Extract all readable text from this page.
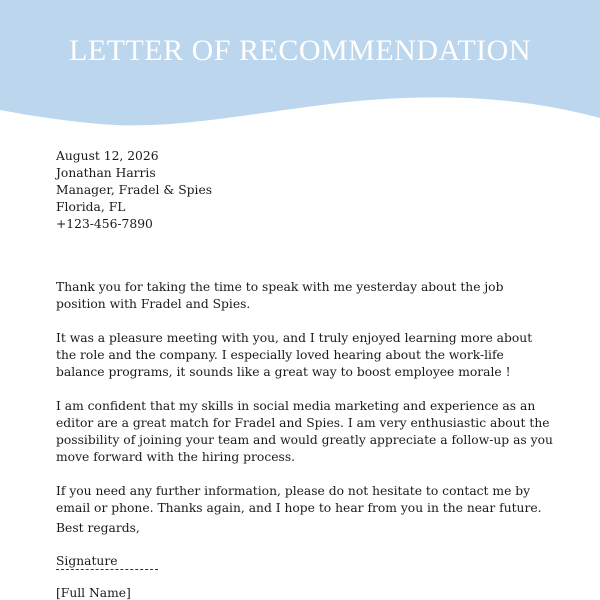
LETTER OF RECOMMENDATION
August 12, 2026
Jonathan Harris
Manager, Fradel & Spies
Florida, FL
+123-456-7890

Thank you for taking the time to speak with me yesterday about the job position with Fradel and Spies.

It was a pleasure meeting with you, and I truly enjoyed learning more about the role and the company. I especially loved hearing about the work-life balance programs, it sounds like a great way to boost employee morale !

I am confident that my skills in social media marketing and experience as an editor are a great match for Fradel and Spies. I am very enthusiastic about the possibility of joining your team and would greatly appreciate a follow-up as you move forward with the hiring process.

If you need any further information, please do not hesitate to contact me by email or phone. Thanks again, and I hope to hear from you in the near future.

Best regards,
Signature
[Full Name]
